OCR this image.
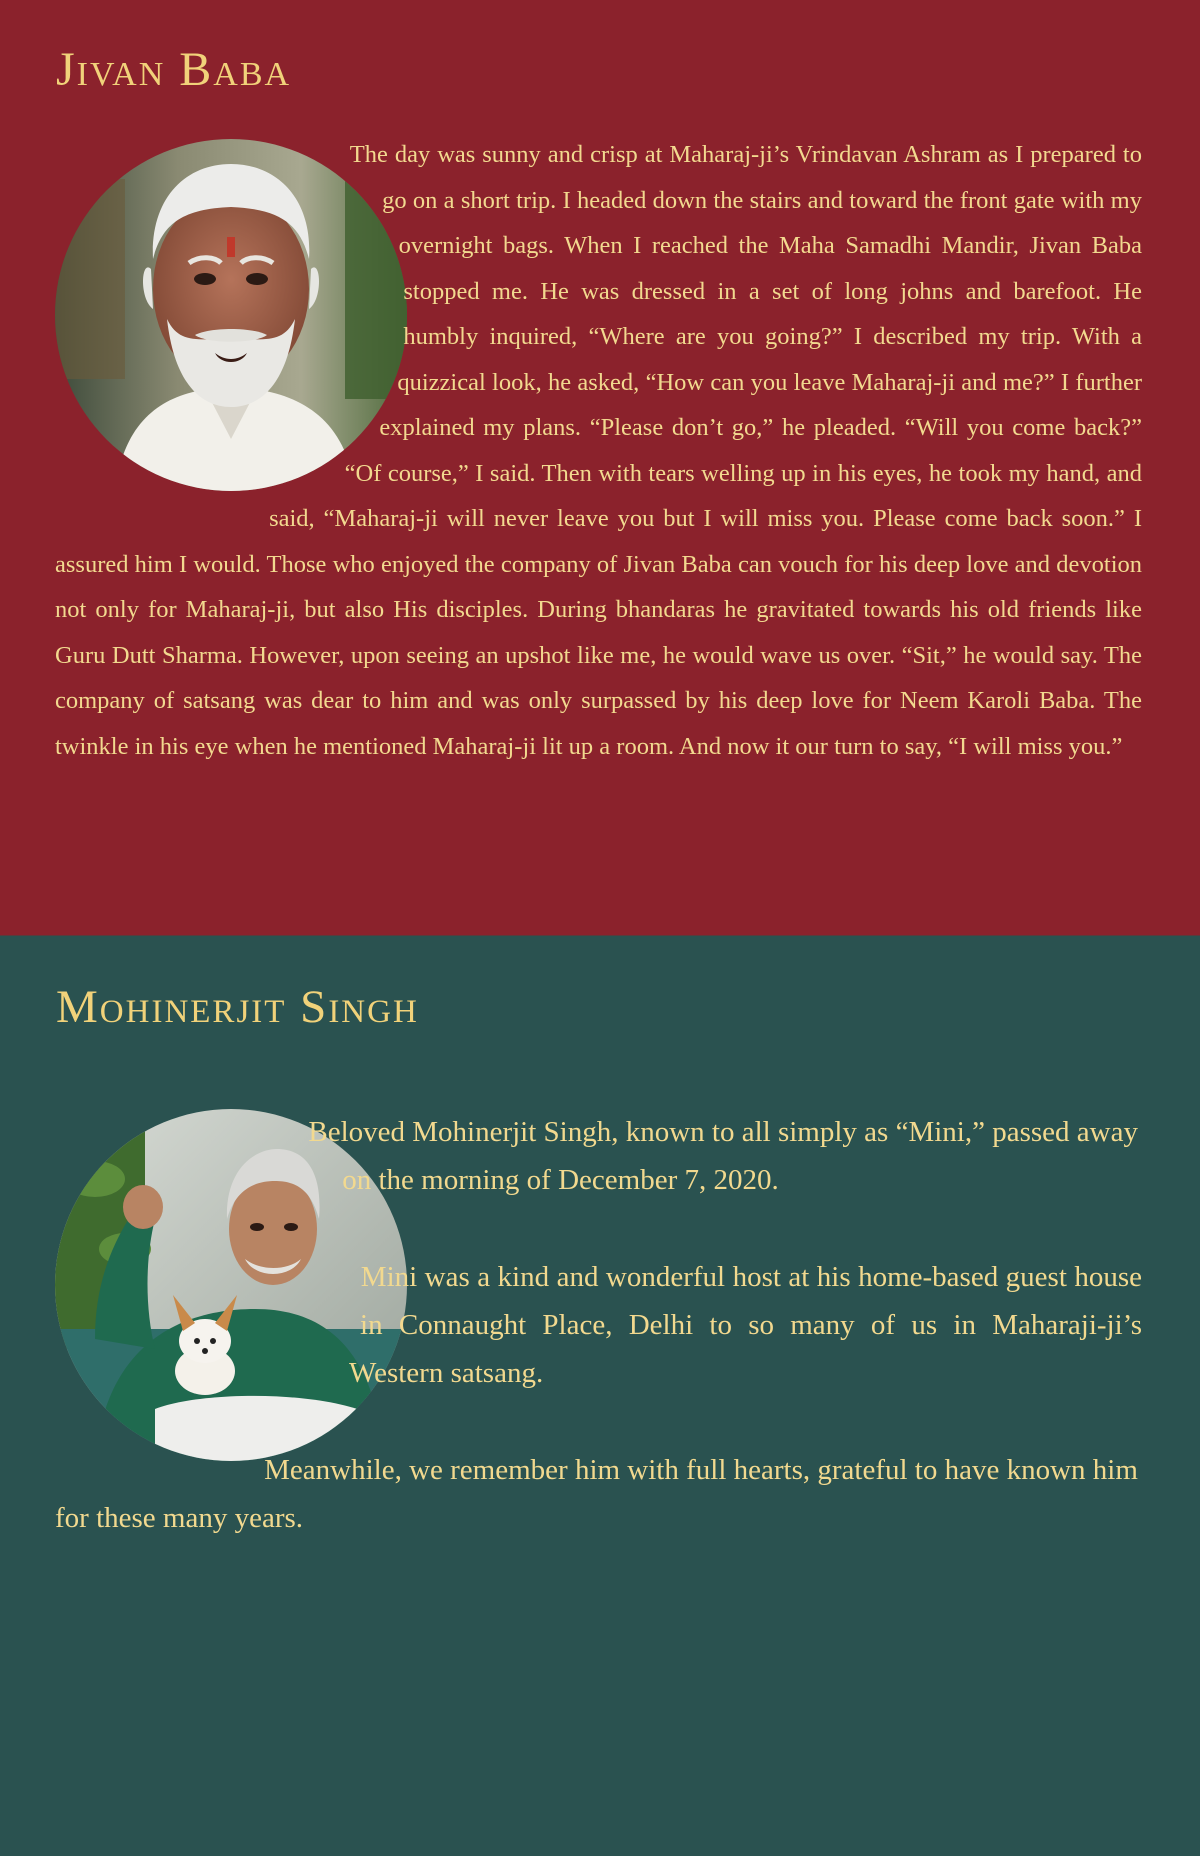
Jivan Baba

The day was sunny and crisp at Maharaj-ji’s Vrindavan Ashram as I prepared to go on a short trip. I headed down the stairs and toward the front gate with my overnight bags. When I reached the Maha Samadhi Mandir, Jivan Baba stopped me. He was dressed in a set of long johns and barefoot. He humbly inquired, “Where are you going?” I described my trip. With a quizzical look, he asked, “How can you leave Maharaj-ji and me?” I further explained my plans. “Please don’t go,” he pleaded. “Will you come back?” “Of course,” I said. Then with tears welling up in his eyes, he took my hand, and said, “Maharaj-ji will never leave you but I will miss you. Please come back soon.” I assured him I would. Those who enjoyed the company of Jivan Baba can vouch for his deep love and devotion not only for Maharaj-ji, but also His disciples. During bhandaras he gravitated towards his old friends like Guru Dutt Sharma. However, upon seeing an upshot like me, he would wave us over. “Sit,” he would say. The company of satsang was dear to him and was only surpassed by his deep love for Neem Karoli Baba. The twinkle in his eye when he mentioned Maharaj-ji lit up a room. And now it our turn to say, “I will miss you.”

Mohinerjit Singh

Beloved Mohinerjit Singh, known to all simply as “Mini,” passed away on the morning of December 7, 2020.

Mini was a kind and wonderful host at his home-based guest house in Connaught Place, Delhi to so many of us in Maharaji-ji’s Western satsang.

Meanwhile, we remember him with full hearts, grateful to have known him for these many years.
